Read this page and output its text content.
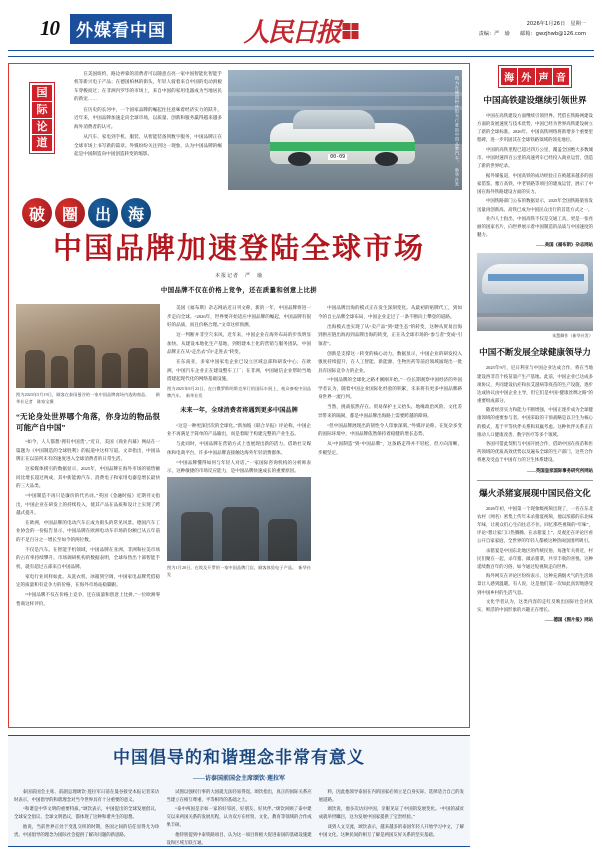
10	外媒看中国	人民日报	2026年1月26日　星期一
责编：严　瑜　　邮箱：gwzjhwb@126.com
国
际
论
道

在美国纽约，路边停靠的消费者可以随意点亮一家中国智能化智能手机等新兴电子产品；在德国柏林的街头，年轻人骑着来自中国的电动滑板车穿梭而过；在非洲内罗毕的市场上，来自中国的家用电器成为当地居民的新宠……

在历史的长河中，一个国家品牌的崛起往往意味着经济实力的跃升。近年来，中国品牌加速走向全球市场，以质量、创新和服务赢得越来越多海外消费者的认可。

从汽车、家电到手机、服装，从智能装备到数字服务，中国品牌正在全球市场上书写新的篇章。外媒纷纷关注到这一现象，认为中国品牌的崛起是中国制造向中国创造转变的缩影。	00-09	图为在德国柏林街头行驶的中国品牌汽车。　新华社发
破	圈	出	海
中国品牌加速登陆全球市场
本报记者　严　瑜
中国品牌不仅在价格上竞争，还在质量和创意上比拼

图为2023年5月19日，顾客在泰国曼谷的一家中国品牌商场内选购商品。　　新华社记者　陈家宝摄

“无论身处世界哪个角落，你身边的物品很可能产自中国”

“如今，人人都想‘拥有中国货’。”近日，美国《商业内幕》网站在一篇题为《中国制造的全球胜利》的报道中这样写道。文章指出，中国品牌正在以前所未有的速度进入全球消费者的日常生活。

这家媒体援引的数据显示，2025年，中国品牌在海外市场的销售额同比增长超过两成，其中新能源汽车、消费电子和家用电器是增长最快的三大品类。

“中国制造不再只是廉价的代名词。”英国《金融时报》近期刊文指出，中国企业在研发上的持续投入，使其产品在品质和设计上实现了跨越式提升。

在欧洲，中国品牌的电动汽车正成为街头的常见风景。德国汽车工业协会的一份报告显示，中国品牌在欧洲电动车市场的份额已从五年前的不足百分之一增长至如今的两位数。

不仅是汽车。在智能手机领域，中国品牌在亚洲、非洲和拉美市场的占有率持续攀升。市场调研机构的数据表明，全球每售出十部智能手机，就有超过五部来自中国品牌。

家电行业同样如此。从洗衣机、冰箱到空调，中国家电品牌凭借稳定的质量和有竞争力的价格，在海外市场站稳脚跟。

“中国品牌不仅在价格上竞争，还在质量和创意上比拼。”一位欧洲零售商这样评价。

美国《福布斯》杂志网站近日刊文称，新的一年，中国品牌将进一步走向全球。“2026年，世界要开始适应中国品牌的崛起，中国品牌有很好的品质，而且价格合理。”文章这样预测。

这一判断并非空穴来风。近年来，中国企业在海外布局的步伐明显加快。从建设本地化生产基地，到组建本土化的营销与服务团队，中国品牌正在从“走出去”向“走进去”转变。

在东南亚，多家中国家电企业已设立区域总部和研发中心；在欧洲，中国汽车企业正在建设整车工厂；在非洲，中国通信企业帮助当地搭建起现代化的网络基础设施。

图为2025年8月23日，在白俄罗斯明斯克举行的国际车展上，观众参观中国品牌汽车。　新华社发

未来一年，全球消费者将遇到更多中国品牌

“这是一种更深层次的全球化。”新加坡《联合早报》评论称，中国企业不再满足于简单的产品输出，而是着眼于构建完整的产业生态。

与此同时，中国品牌在营销方式上也展现出新的活力。借助社交媒体和电商平台，许多中国品牌直接触达海外年轻消费群体。

“中国品牌懂得如何与年轻人对话。”一家国际咨询机构的分析师表示，这种敏捷的市场反应能力，是中国品牌快速成长的重要原因。

图为1月20日，在埃及开罗的一家中国品牌门店，顾客体验电子产品。　新华社发

中国品牌出海的模式正在发生深刻变化。从最初的贴牌代工，到如今的自主品牌全球布局，中国企业走过了一条不断向上攀登的道路。

出海模式也实现了从“卖产品”到“建生态”的转变，这种从贸易出海到供应链出海再到品牌出海的转变，正在从全球市场的“参与者”变成“引领者”。

创新是支撑这一转变的核心动力。数据显示，中国企业的研发投入强度持续提升，在人工智能、新能源、生物医药等前沿领域涌现出一批具有国际竞争力的企业。

“中国品牌的全球化之路才刚刚开始。”一位长期观察中国经济的外国学者认为，随着中国企业国际化经验的积累，未来将有更多中国品牌跻身世界一流行列。

当然，挑战依然存在。贸易保护主义抬头、地缘政治风险、文化差异带来的隔阂，都是中国品牌出海路上需要跨越的障碍。

“但中国品牌展现出的韧性令人印象深刻。”外媒评论称，在复杂多变的国际环境中，中国品牌依然保持着稳健的增长态势。

从“中国制造”到“中国品牌”，这条路走得并不轻松，但方向清晰、步履坚定。

中国倡导的和谐理念非常有意义
——访泰国前国会主席颂饮·莲拉军

泰国前国会主席、前副总理颂饮·莲拉军日前在曼谷接受本报记者采访时表示，中国倡导的和谐理念对当今世界具有十分重要的意义。

“和谐是中华文明的重要特质。”颂饮表示，中国提出的全球发展倡议、全球安全倡议、全球文明倡议，都体现了这种和谐共生的思想。

他说，当前世界正处于变乱交织的时期，各国之间的信任显得尤为珍贵。中国倡导的理念为国际社会提供了解决问题的新思路。

试图以强权行事的大国就无法轻易得逞。颂饮指出，真正的国际关系应当建立在相互尊重、平等相待的基础之上。

“泰中两国是亲如一家的好邻居、好朋友、好伙伴。”颂饮回顾了泰中建交以来两国关系的发展历程，认为双方在经贸、文化、教育等领域的合作成果丰硕。

他特别提到中泰铁路项目，认为这一项目将极大促进泰国的基础设施建设和区域互联互通。

料，因此他领导泰国在内的国家必须立足自身实际，选择适合自己的发展道路。

颂饮说，他多次访问中国，亲眼见证了中国的发展变化。“中国的减贫成就举世瞩目，这为发展中国家提供了宝贵经验。”

谈到人文交流，颂饮表示，越来越多的泰国年轻人开始学习中文，了解中国文化。这种民间的相互了解是两国友好关系的坚实基础。

海 外 声 音
中国高铁建设继续引领世界

中国在高铁建设方面继续引领世界。凭借在铁路网建设方面的发展速度与技术优势，中国已经为世界高铁建设树立了新的全球标准。2026年，中国高铁网络将新增多个重要里程碑，进一步巩固其在全球铁路领域的领先地位。

中国的高铁里程已超过四万公里，覆盖全国绝大多数城市。中国时速四百公里的高速列车已经投入商业运营，创造了新的世界纪录。

据外媒报道，中国高铁的成功经验正在被越来越多的国家借鉴。雅万高铁、中老铁路等项目的建成运营，展示了中国在海外铁路建设方面的实力。

中国铁路部门公布的数据显示，2025年全国铁路旅客发送量再创新高。高铁已成为中国民众出行的首选方式之一。

业内人士指出，中国高铁不仅是交通工具，更是一张亮丽的国家名片，向世界展示着中国制造的品质与中国速度的魅力。

——美国《福布斯》杂志网站
朱慧卿作（新华社发）
中国不断发展全球健康领导力

2025年9月，尼日利亚与中国企业达成合作，将在当地建设西非首个疫苗量产生产基地。此前，中国企业已达成多项协议，共同建设抗疟和抗艾滋病等疫苗的生产设施，逐步达成协议由中国企业主导，但它们是中国“健康丝绸之路”的重要组成部分。

随着经济实力和能力不断增强，中国正逐步成为全球健康领域的重要参与者。中国采取的干预战略是以卫生为核心的模式，基于平等伙伴关系和双赢考虑。这种伙伴关系正在推动人口健康改善、数字医疗等多个领域。

各国可借此契机与中国开展合作，借助中国在疫苗和医药领域的优质高效优势以及遍布全球的生产部门，这些合作将惠及受益于中国有力的卫生体系建设。

——英国皇家国际事务研究所网站
爆火杀猪宴展现中国民俗文化

2026年初，中国第一个现象级视频出现了，一名在东北农村（网名）密集上传年末杀猪宴视频，他以浓郁的东北味年味，让观众们心生向往忍不住。回忆那些视频的“年味”，评论“想让家门口热腾腾、在杀猪宴上”。反观还在评论区看公开自家家庭，全世界的年轻人都被这种热闹氛围所吸引。

杀猪宴是中国东北地区的传统民俗，每逢年关将近，村民们聚在一起，杀年猪、做杀猪菜，共享丰收的喜悦。这种延续数百年的习俗，如今通过短视频走向世界。

海外网友在评论区纷纷表示，这种充满烟火气的生活场景让人感到温暖。有人说，这是他们第一次如此真切地感受到中国乡村的生活气息。

文化学者认为，这类内容的走红反映出国际社会对真实、鲜活的中国形象的兴趣正在增长。

——德国《图片报》网站
